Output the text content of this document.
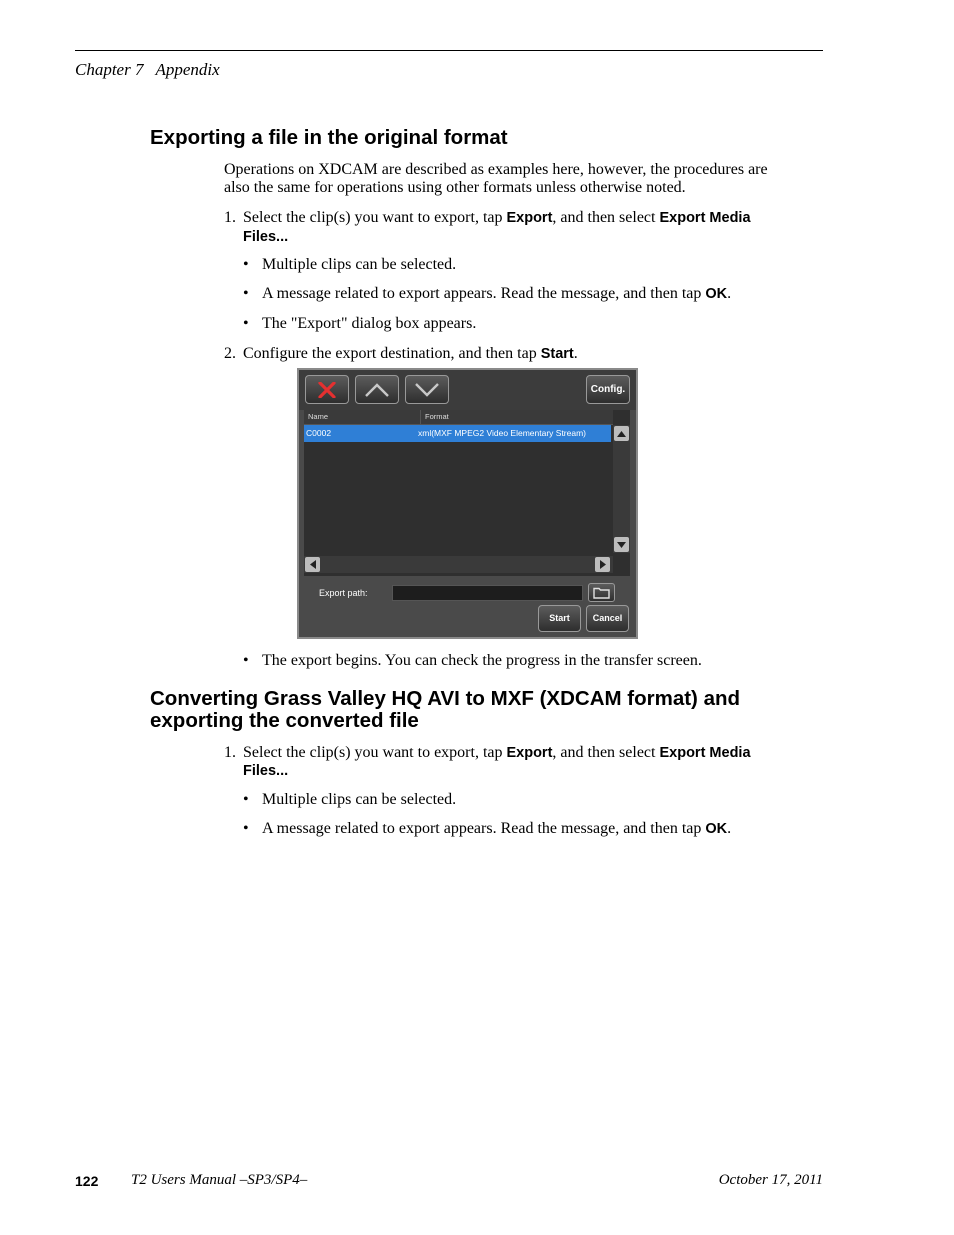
Chapter 7 Appendix
Exporting a file in the original format
Operations on XDCAM are described as examples here, however, the procedures are
also the same for operations using other formats unless otherwise noted.
1. Select the clip(s) you want to export, tap Export, and then select Export Media
Files...
• Multiple clips can be selected.
• A message related to export appears. Read the message, and then tap OK.
• The "Export" dialog box appears.
2. Configure the export destination, and then tap Start.
Config.
Name	Format
C0002	xml(MXF MPEG2 Video Elementary Stream)
Export path:
Start	Cancel
• The export begins. You can check the progress in the transfer screen.
Converting Grass Valley HQ AVI to MXF (XDCAM format) and
exporting the converted file
1. Select the clip(s) you want to export, tap Export, and then select Export Media
Files...
• Multiple clips can be selected.
• A message related to export appears. Read the message, and then tap OK.
122 T2 Users Manual –SP3/SP4–	October 17, 2011
